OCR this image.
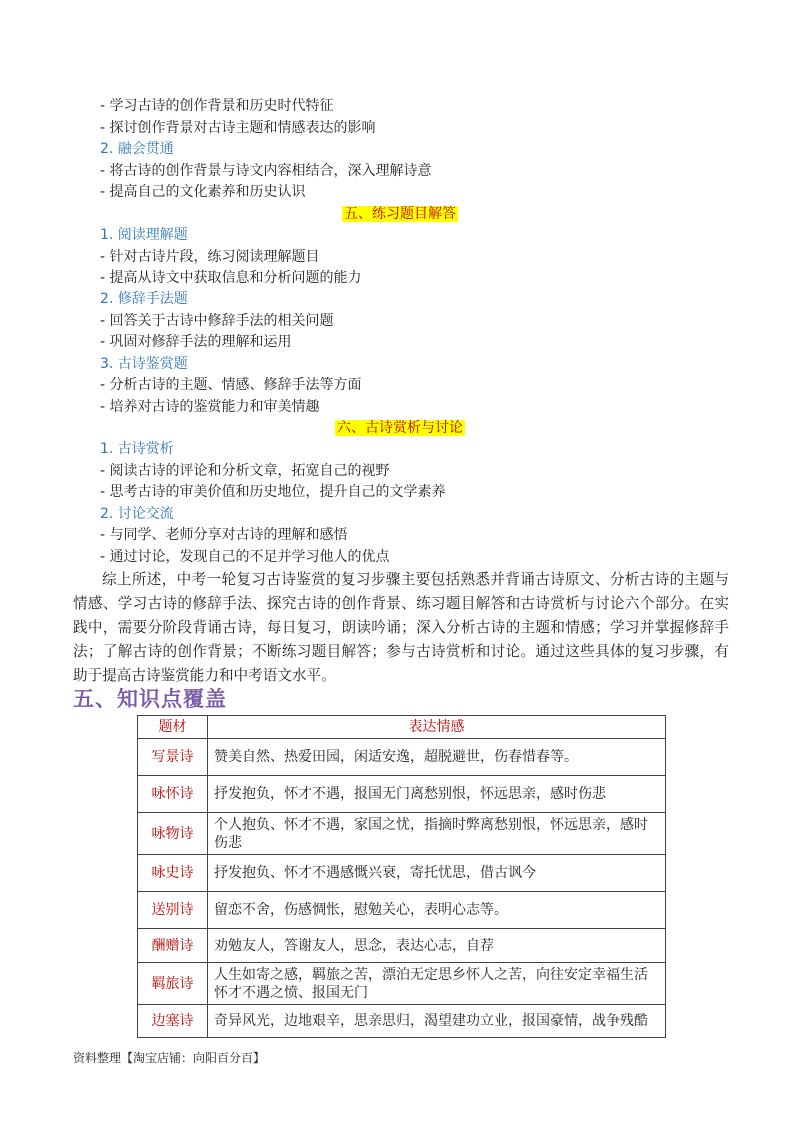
- 学习古诗的创作背景和历史时代特征
- 探讨创作背景对古诗主题和情感表达的影响
2. 融会贯通
- 将古诗的创作背景与诗文内容相结合，深入理解诗意
- 提高自己的文化素养和历史认识
五、练习题目解答
1. 阅读理解题
- 针对古诗片段，练习阅读理解题目
- 提高从诗文中获取信息和分析问题的能力
2. 修辞手法题
- 回答关于古诗中修辞手法的相关问题
- 巩固对修辞手法的理解和运用
3. 古诗鉴赏题
- 分析古诗的主题、情感、修辞手法等方面
- 培养对古诗的鉴赏能力和审美情趣
六、古诗赏析与讨论
1. 古诗赏析
- 阅读古诗的评论和分析文章，拓宽自己的视野
- 思考古诗的审美价值和历史地位，提升自己的文学素养
2. 讨论交流
- 与同学、老师分享对古诗的理解和感悟
- 通过讨论，发现自己的不足并学习他人的优点
综上所述，中考一轮复习古诗鉴赏的复习步骤主要包括熟悉并背诵古诗原文、分析古诗的主题与情感、学习古诗的修辞手法、探究古诗的创作背景、练习题目解答和古诗赏析与讨论六个部分。在实践中，需要分阶段背诵古诗，每日复习，朗读吟诵；深入分析古诗的主题和情感；学习并掌握修辞手法；了解古诗的创作背景；不断练习题目解答；参与古诗赏析和讨论。通过这些具体的复习步骤，有助于提高古诗鉴赏能力和中考语文水平。
五、知识点覆盖
题材	表达情感
写景诗	赞美自然、热爱田园，闲适安逸，超脱避世，伤春惜春等。
咏怀诗	抒发抱负，怀才不遇，报国无门离愁别恨，怀远思亲，感时伤悲
咏物诗	个人抱负、怀才不遇，家国之忧，指摘时弊离愁别恨，怀远思亲，感时伤悲
咏史诗	抒发抱负、怀才不遇感慨兴衰，寄托忧思，借古讽今
送别诗	留恋不舍，伤感惆怅，慰勉关心，表明心志等。
酬赠诗	劝勉友人，答谢友人，思念，表达心志，自荐
羁旅诗	人生如寄之感，羁旅之苦，漂泊无定思乡怀人之苦，向往安定幸福生活怀才不遇之愤、报国无门
边塞诗	奇异风光，边地艰辛，思亲思归，渴望建功立业，报国豪情，战争残酷
资料整理【淘宝店铺：向阳百分百】
